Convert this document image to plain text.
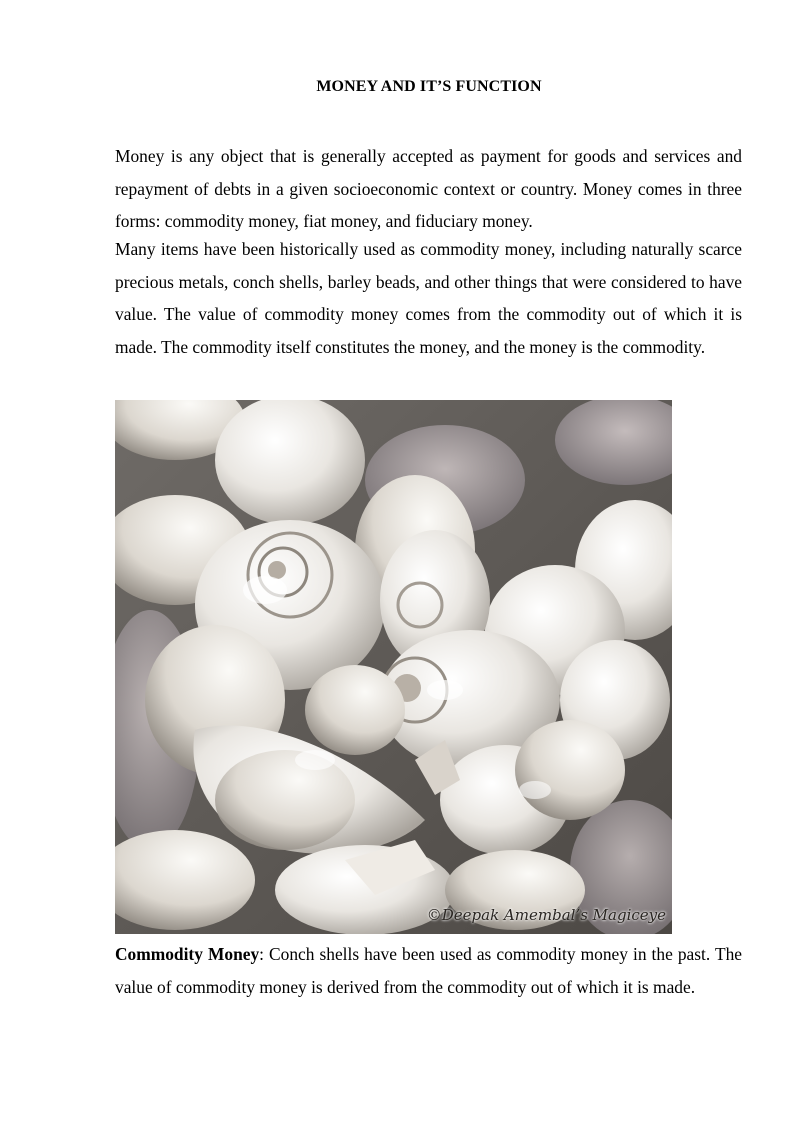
MONEY AND IT’S FUNCTION

Money is any object that is generally accepted as payment for goods and services and repayment of debts in a given socioeconomic context or country. Money comes in three forms: commodity money, fiat money, and fiduciary money.

Many items have been historically used as commodity money, including naturally scarce precious metals, conch shells, barley beads, and other things that were considered to have value. The value of commodity money comes from the commodity out of which it is made. The commodity itself constitutes the money, and the money is the commodity.

©Deepak Amembal’s Magiceye

Commodity Money: Conch shells have been used as commodity money in the past. The value of commodity money is derived from the commodity out of which it is made.
